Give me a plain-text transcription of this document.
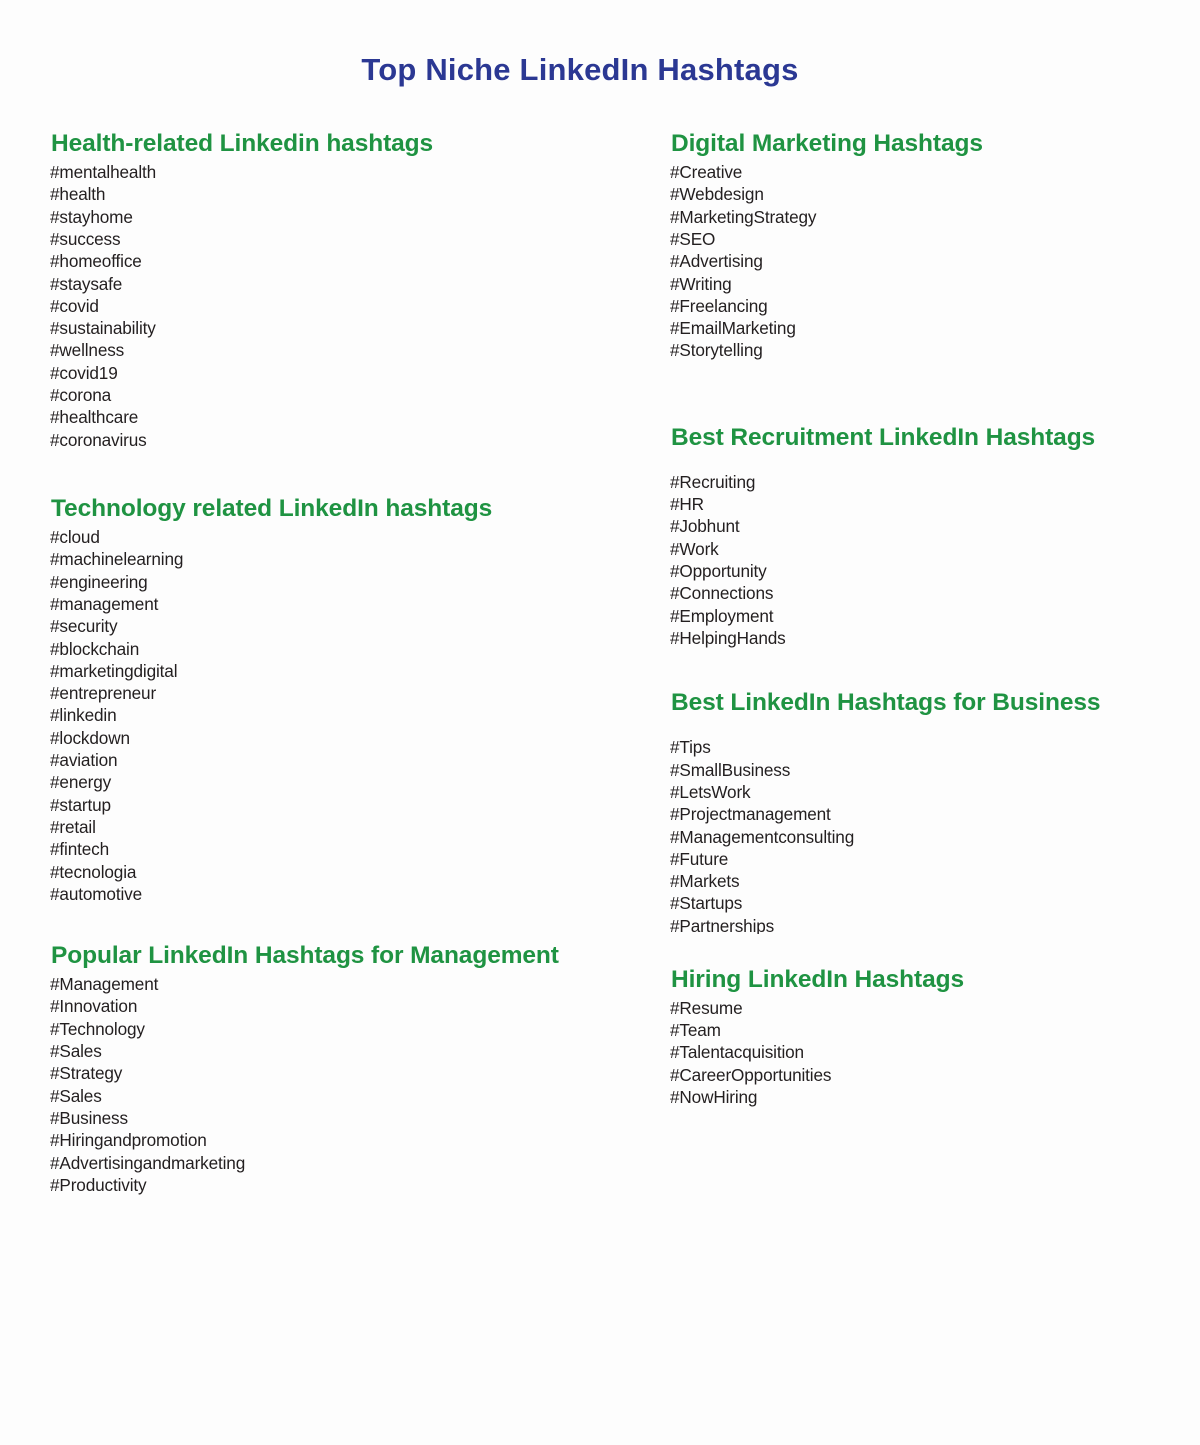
Top Niche LinkedIn Hashtags
Health-related Linkedin hashtags
#mentalhealth
#health
#stayhome
#success
#homeoffice
#staysafe
#covid
#sustainability
#wellness
#covid19
#corona
#healthcare
#coronavirus
Technology related LinkedIn hashtags
#cloud
#machinelearning
#engineering
#management
#security
#blockchain
#marketingdigital
#entrepreneur
#linkedin
#lockdown
#aviation
#energy
#startup
#retail
#fintech
#tecnologia
#automotive
Popular LinkedIn Hashtags for Management
#Management
#Innovation
#Technology
#Sales
#Strategy
#Sales
#Business
#Hiringandpromotion
#Advertisingandmarketing
#Productivity
Digital Marketing Hashtags
#Creative
#Webdesign
#MarketingStrategy
#SEO
#Advertising
#Writing
#Freelancing
#EmailMarketing
#Storytelling
Best Recruitment LinkedIn Hashtags
#Recruiting
#HR
#Jobhunt
#Work
#Opportunity
#Connections
#Employment
#HelpingHands
Best LinkedIn Hashtags for Business
#Tips
#SmallBusiness
#LetsWork
#Projectmanagement
#Managementconsulting
#Future
#Markets
#Startups
#Partnerships
Hiring LinkedIn Hashtags
#Resume
#Team
#Talentacquisition
#CareerOpportunities
#NowHiring
